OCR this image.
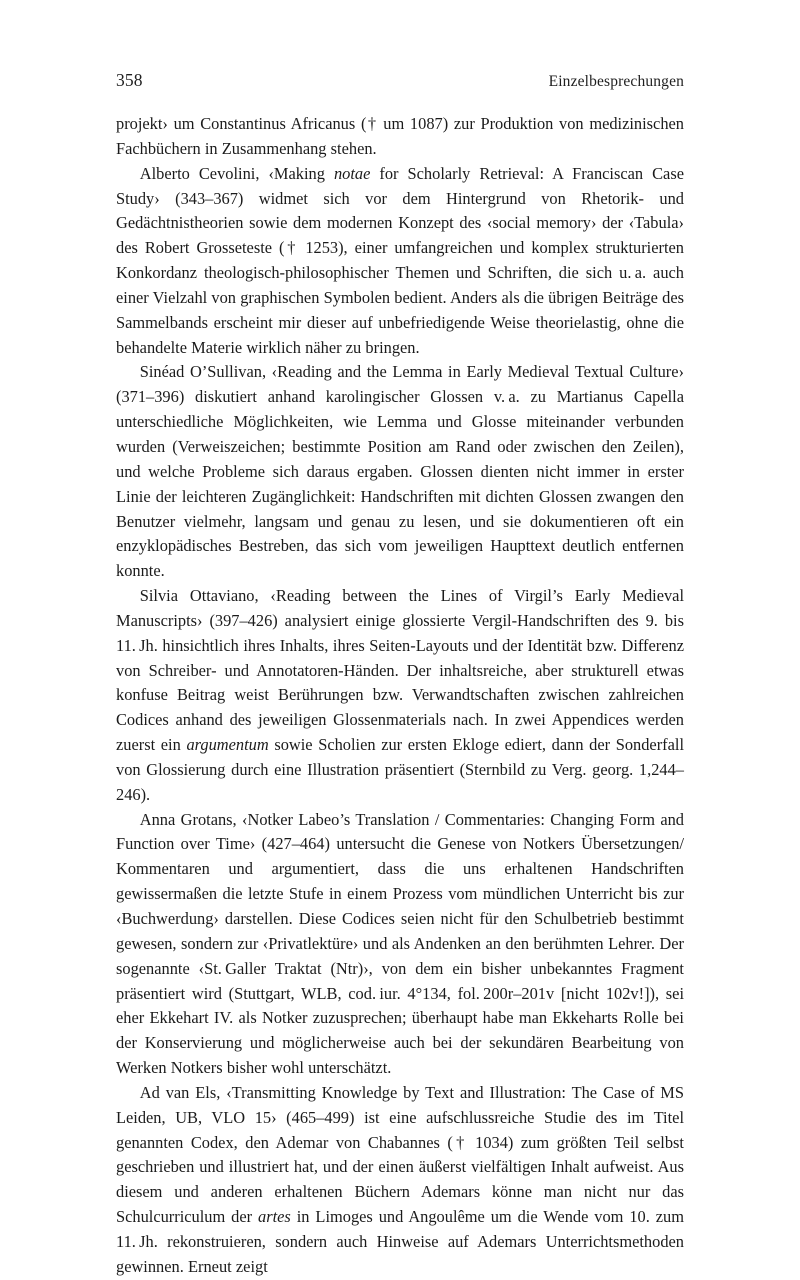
358	Einzelbesprechungen

projekt› um Constantinus Africanus († um 1087) zur Produktion von medizinischen Fachbüchern in Zusammenhang stehen.

Alberto Cevolini, ‹Making notae for Scholarly Retrieval: A Franciscan Case Study› (343–367) widmet sich vor dem Hintergrund von Rhetorik- und Gedächtnistheorien sowie dem modernen Konzept des ‹social memory› der ‹Tabula› des Robert Grosseteste († 1253), einer umfangreichen und komplex strukturierten Konkordanz theologisch-philosophischer Themen und Schriften, die sich u. a. auch einer Vielzahl von graphischen Symbolen bedient. Anders als die übrigen Beiträge des Sammelbands erscheint mir dieser auf unbefriedigende Weise theorielastig, ohne die behandelte Materie wirklich näher zu bringen.

Sinéad O’Sullivan, ‹Reading and the Lemma in Early Medieval Textual Culture› (371–396) diskutiert anhand karolingischer Glossen v. a. zu Martianus Capella unterschiedliche Möglichkeiten, wie Lemma und Glosse miteinander verbunden wurden (Verweiszeichen; bestimmte Position am Rand oder zwischen den Zeilen), und welche Probleme sich daraus ergaben. Glossen dienten nicht immer in erster Linie der leichteren Zugänglichkeit: Handschriften mit dichten Glossen zwangen den Benutzer vielmehr, langsam und genau zu lesen, und sie dokumentieren oft ein enzyklopädisches Bestreben, das sich vom jeweiligen Haupttext deutlich entfernen konnte.

Silvia Ottaviano, ‹Reading between the Lines of Virgil’s Early Medieval Manuscripts› (397–426) analysiert einige glossierte Vergil-Handschriften des 9. bis 11. Jh. hinsichtlich ihres Inhalts, ihres Seiten-Layouts und der Identität bzw. Differenz von Schreiber- und Annotatoren-Händen. Der inhaltsreiche, aber strukturell etwas konfuse Beitrag weist Berührungen bzw. Verwandtschaften zwischen zahlreichen Codices anhand des jeweiligen Glossenmaterials nach. In zwei Appendices werden zuerst ein argumentum sowie Scholien zur ersten Ekloge ediert, dann der Sonderfall von Glossierung durch eine Illustration präsentiert (Sternbild zu Verg. georg. 1,244–246).

Anna Grotans, ‹Notker Labeo’s Translation / Commentaries: Changing Form and Function over Time› (427–464) untersucht die Genese von Notkers Übersetzungen/ Kommentaren und argumentiert, dass die uns erhaltenen Handschriften gewissermaßen die letzte Stufe in einem Prozess vom mündlichen Unterricht bis zur ‹Buchwerdung› darstellen. Diese Codices seien nicht für den Schulbetrieb bestimmt gewesen, sondern zur ‹Privatlektüre› und als Andenken an den berühmten Lehrer. Der sogenannte ‹St. Galler Traktat (Ntr)›, von dem ein bisher unbekanntes Fragment präsentiert wird (Stuttgart, WLB, cod. iur. 4°134, fol. 200r–201v [nicht 102v!]), sei eher Ekkehart IV. als Notker zuzusprechen; überhaupt habe man Ekkeharts Rolle bei der Konservierung und möglicherweise auch bei der sekundären Bearbeitung von Werken Notkers bisher wohl unterschätzt.

Ad van Els, ‹Transmitting Knowledge by Text and Illustration: The Case of MS Leiden, UB, VLO 15› (465–499) ist eine aufschlussreiche Studie des im Titel genannten Codex, den Ademar von Chabannes († 1034) zum größten Teil selbst geschrieben und illustriert hat, und der einen äußerst vielfältigen Inhalt aufweist. Aus diesem und anderen erhaltenen Büchern Ademars könne man nicht nur das Schulcurriculum der artes in Limoges und Angoulême um die Wende vom 10. zum 11. Jh. rekonstruieren, sondern auch Hinweise auf Ademars Unterrichtsmethoden gewinnen. Erneut zeigt
